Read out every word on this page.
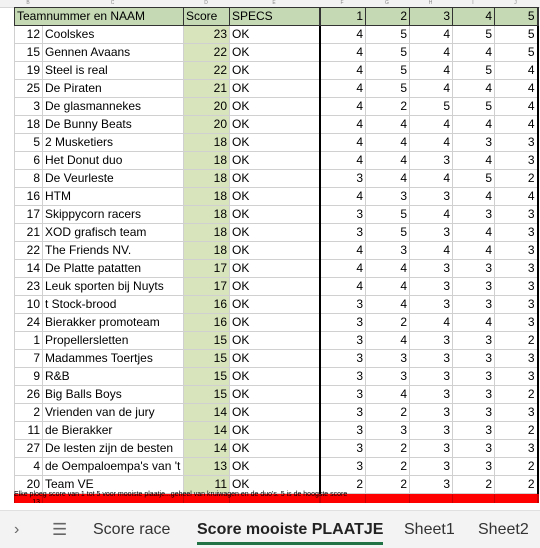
B	C	D	E	F	G	H	I	J
Teamnummer en NAAM		Score	SPECS	1	2	3	4	5
12	Coolskes	23	OK	4	5	4	5	5
15	Gennen Avaans	22	OK	4	5	4	4	5
19	Steel is real	22	OK	4	5	4	5	4
25	De Piraten	21	OK	4	5	4	4	4
3	De glasmannekes	20	OK	4	2	5	5	4
18	De Bunny Beats	20	OK	4	4	4	4	4
5	2 Musketiers	18	OK	4	4	4	3	3
6	Het Donut duo	18	OK	4	4	3	4	3
8	De Veurleste	18	OK	3	4	4	5	2
16	HTM	18	OK	4	3	3	4	4
17	Skippycorn racers	18	OK	3	5	4	3	3
21	XOD grafisch team	18	OK	3	5	3	4	3
22	The Friends NV.	18	OK	4	3	4	4	3
14	De Platte patatten	17	OK	4	4	3	3	3
23	Leuk sporten bij Nuyts	17	OK	4	4	3	3	3
10	t Stock-brood	16	OK	3	4	3	3	3
24	Bierakker promoteam	16	OK	3	2	4	4	3
1	Propellersletten	15	OK	3	4	3	3	2
7	Madammes Toertjes	15	OK	3	3	3	3	3
9	R&B	15	OK	3	3	3	3	3
26	Big Balls Boys	15	OK	3	4	3	3	2
2	Vrienden van de jury	14	OK	3	2	3	3	3
11	de Bierakker	14	OK	3	3	3	3	2
27	De lesten zijn de besten	14	OK	3	2	3	3	3
4	de Oempaloempa's van 't	13	OK	3	2	3	3	2
20	Team VE	11	OK	2	2	3	2	2
13								
Elke ploeg score van 1 tot 5 voor mooiste plaatje...geheel van kruiwagen en de duo's. 5 is de hoogste score
› ☰ Score race Score mooiste PLAATJE Sheet1 Sheet2
